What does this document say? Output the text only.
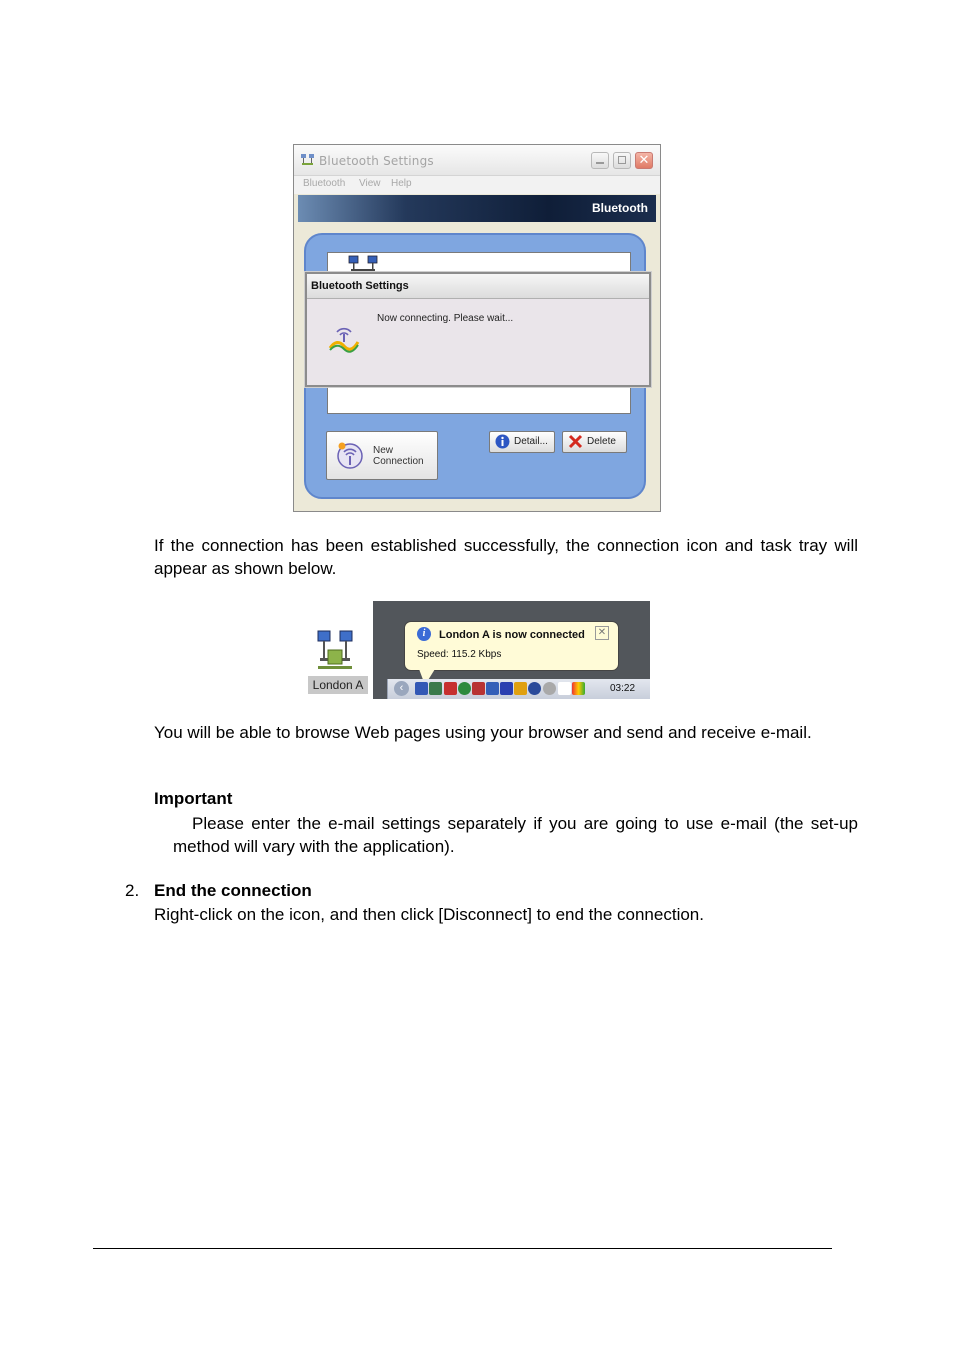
Bluetooth Settings	✕
Bluetooth View Help
Bluetooth
New
Connection
Detail...	Delete
Bluetooth Settings
Now connecting. Please wait...
If the connection has been established successfully, the connection icon and task tray will appear as shown below.
London A
i	London A is now connected
Speed: 115.2 Kbps
✕
‹	03:22
You will be able to browse Web pages using your browser and send and receive e-mail.
Important
Please enter the e-mail settings separately if you are going to use e-mail (the set-up method will vary with the application).
2. End the connection
Right-click on the icon, and then click [Disconnect] to end the connection.
